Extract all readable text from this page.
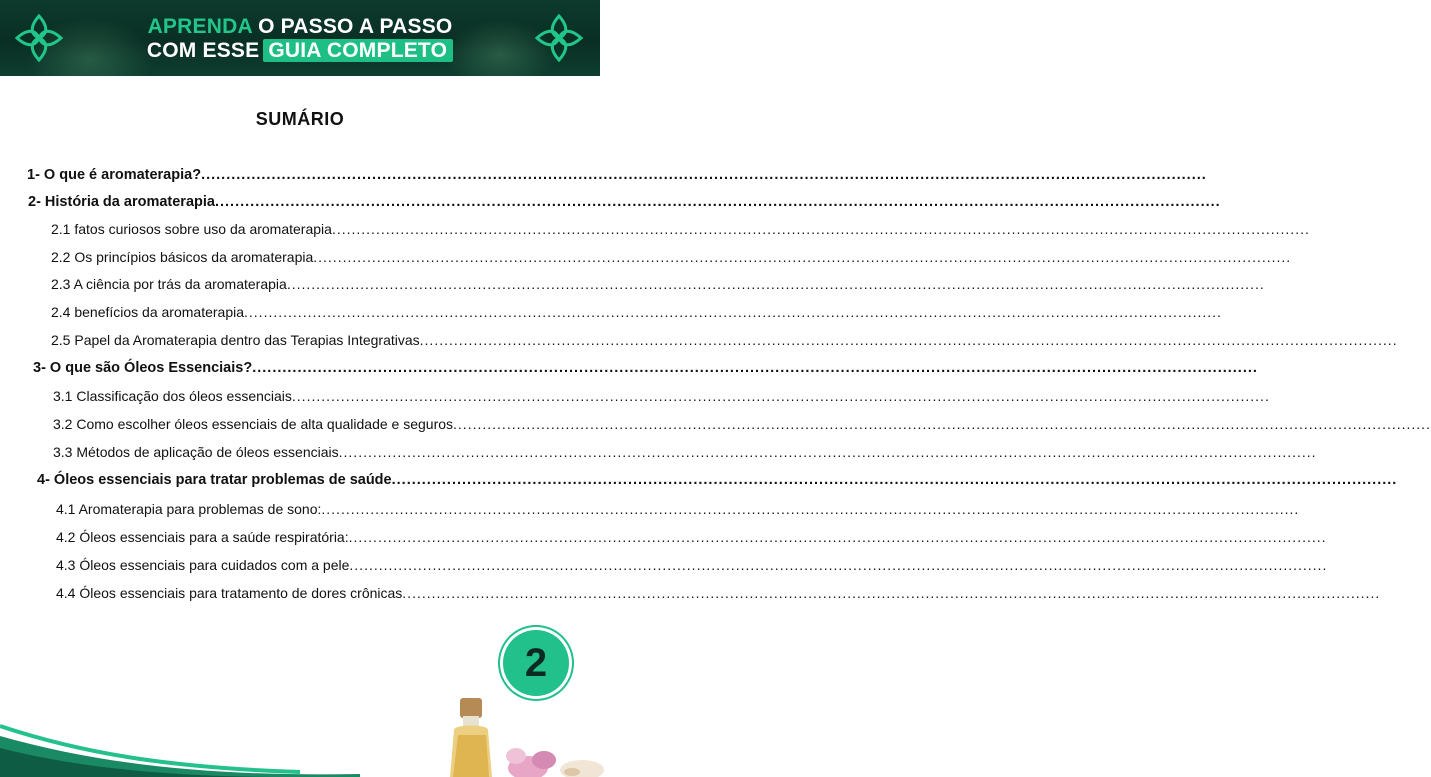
APRENDA O PASSO A PASSO
COM ESSE GUIA COMPLETO
SUMÁRIO
1- O que é aromaterapia? ........................................................................................................................................................................................................
2- História da aromaterapia ........................................................................................................................................................................................................
2.1 fatos curiosos sobre uso da aromaterapia ........................................................................................................................................................................................................
2.2 Os princípios básicos da aromaterapia ........................................................................................................................................................................................................
2.3 A ciência por trás da aromaterapia ........................................................................................................................................................................................................
2.4 benefícios da aromaterapia ........................................................................................................................................................................................................
2.5 Papel da Aromaterapia dentro das Terapias Integrativas ........................................................................................................................................................................................................
3- O que são Óleos Essenciais? ........................................................................................................................................................................................................
3.1 Classificação dos óleos essenciais ........................................................................................................................................................................................................
3.2 Como escolher óleos essenciais de alta qualidade e seguros ........................................................................................................................................................................................................
3.3 Métodos de aplicação de óleos essenciais ........................................................................................................................................................................................................
4- Óleos essenciais para tratar problemas de saúde ........................................................................................................................................................................................................
4.1 Aromaterapia para problemas de sono: ........................................................................................................................................................................................................
4.2 Óleos essenciais para a saúde respiratória: ........................................................................................................................................................................................................
4.3 Óleos essenciais para cuidados com a pele ........................................................................................................................................................................................................
4.4 Óleos essenciais para tratamento de dores crônicas ........................................................................................................................................................................................................
2
